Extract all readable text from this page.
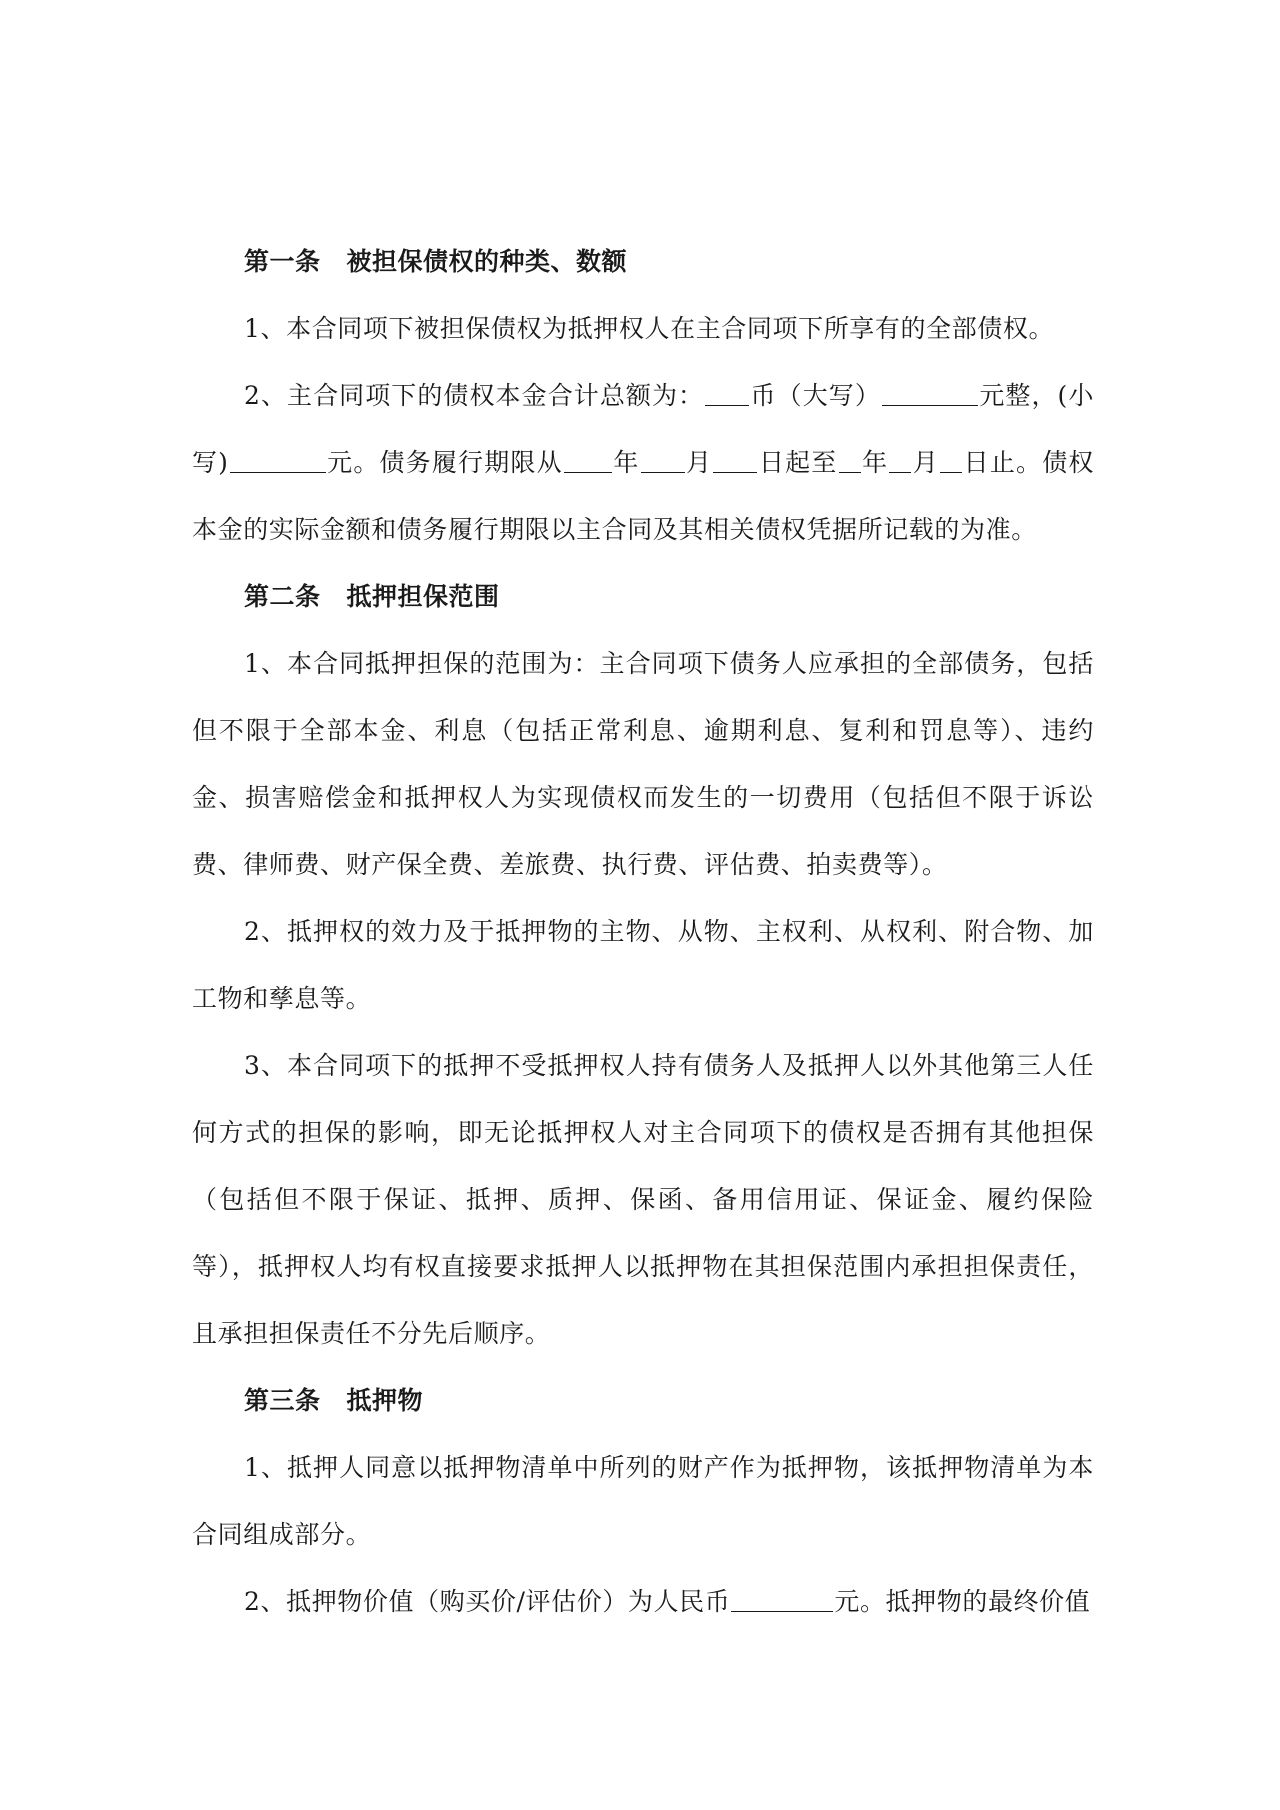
第一条 被担保债权的种类、数额

1、本合同项下被担保债权为抵押权人在主合同项下所享有的全部债权。

2、主合同项下的债权本金合计总额为： 币（大写）	元整，(小写)	元。债务履行期限从 年 月 日起至 年 月 日止。债权本金的实际金额和债务履行期限以主合同及其相关债权凭据所记载的为准。

第二条 抵押担保范围

1、本合同抵押担保的范围为：主合同项下债务人应承担的全部债务，包括但不限于全部本金、利息（包括正常利息、逾期利息、复利和罚息等）、违约金、损害赔偿金和抵押权人为实现债权而发生的一切费用（包括但不限于诉讼费、律师费、财产保全费、差旅费、执行费、评估费、拍卖费等）。

2、抵押权的效力及于抵押物的主物、从物、主权利、从权利、附合物、加工物和孳息等。

3、本合同项下的抵押不受抵押权人持有债务人及抵押人以外其他第三人任何方式的担保的影响，即无论抵押权人对主合同项下的债权是否拥有其他担保（包括但不限于保证、抵押、质押、保函、备用信用证、保证金、履约保险等），抵押权人均有权直接要求抵押人以抵押物在其担保范围内承担担保责任，且承担担保责任不分先后顺序。

第三条 抵押物

1、抵押人同意以抵押物清单中所列的财产作为抵押物，该抵押物清单为本合同组成部分。

2、抵押物价值（购买价/评估价）为人民币	元。抵押物的最终价值
